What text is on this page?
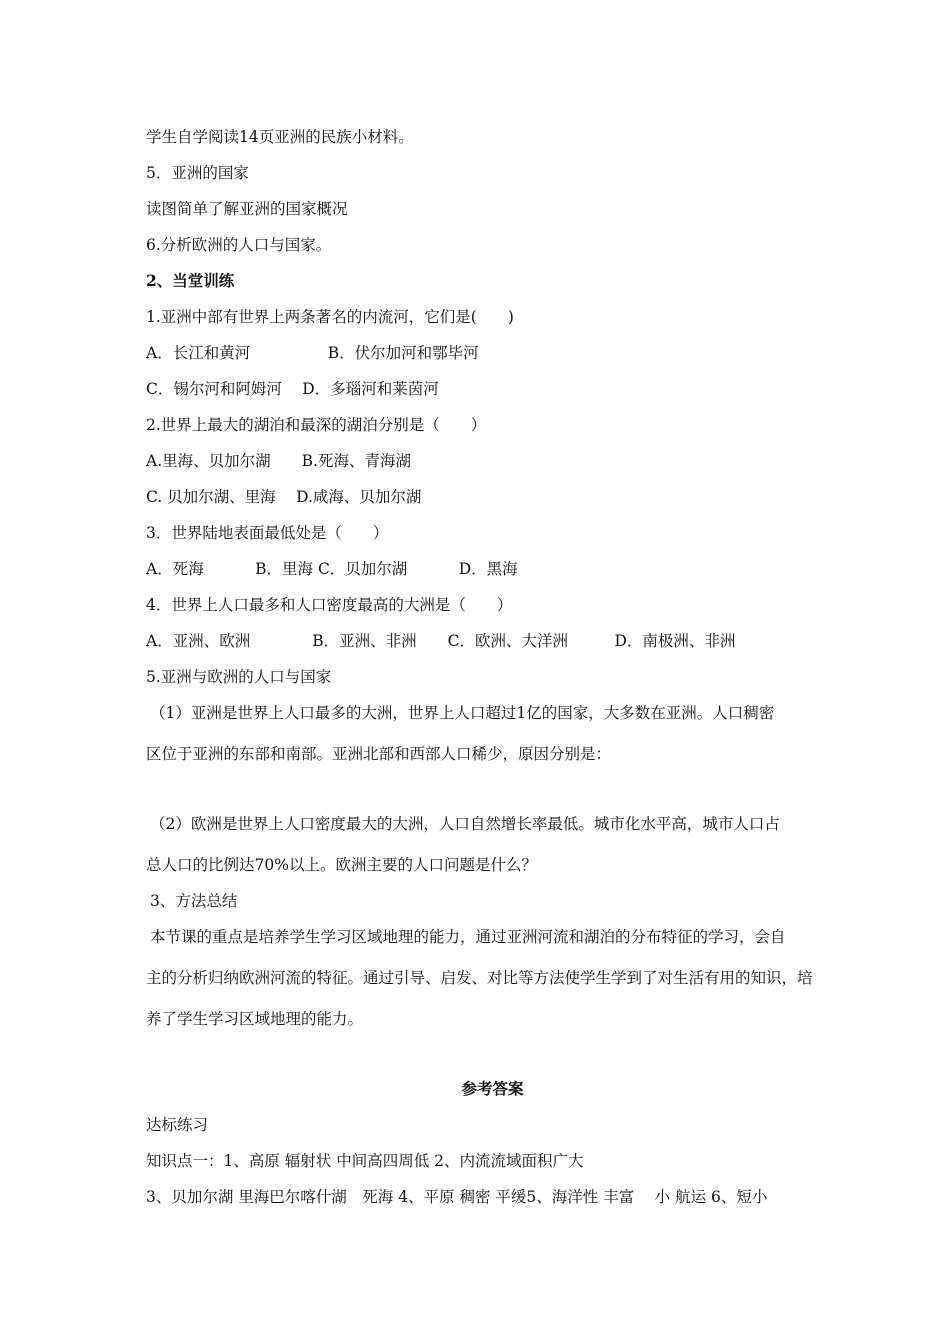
学生自学阅读14页亚洲的民族小材料。
5．亚洲的国家
读图简单了解亚洲的国家概况
6.分析欧洲的人口与国家。
2、当堂训练
1.亚洲中部有世界上两条著名的内流河，它们是(　　)
A．长江和黄河　　　　　B．伏尔加河和鄂毕河
C．锡尔河和阿姆河　 D．多瑙河和莱茵河
2.世界上最大的湖泊和最深的湖泊分别是（　　）
A.里海、贝加尔湖　　B.死海、青海湖
C. 贝加尔湖、里海　 D.咸海、贝加尔湖
3．世界陆地表面最低处是（　　）
A．死海　　　 B．里海 C．贝加尔湖　　　 D．黑海
4．世界上人口最多和人口密度最高的大洲是（　　）
A．亚洲、欧洲　　　　B．亚洲、非洲　　C．欧洲、大洋洲　　　D．南极洲、非洲
5.亚洲与欧洲的人口与国家
（1）亚洲是世界上人口最多的大洲，世界上人口超过1亿的国家，大多数在亚洲。人口稠密
区位于亚洲的东部和南部。亚洲北部和西部人口稀少，原因分别是：
（2）欧洲是世界上人口密度最大的大洲，人口自然增长率最低。城市化水平高，城市人口占
总人口的比例达70%以上。欧洲主要的人口问题是什么？
3、方法总结
本节课的重点是培养学生学习区域地理的能力，通过亚洲河流和湖泊的分布特征的学习，会自
主的分析归纳欧洲河流的特征。通过引导、启发、对比等方法使学生学到了对生活有用的知识，培
养了学生学习区域地理的能力。
参考答案
达标练习
知识点一：1、高原 辐射状 中间高四周低 2、内流流域面积广大
3、贝加尔湖 里海巴尔喀什湖　死海 4、平原 稠密 平缓5、海洋性 丰富　 小 航运 6、短小
